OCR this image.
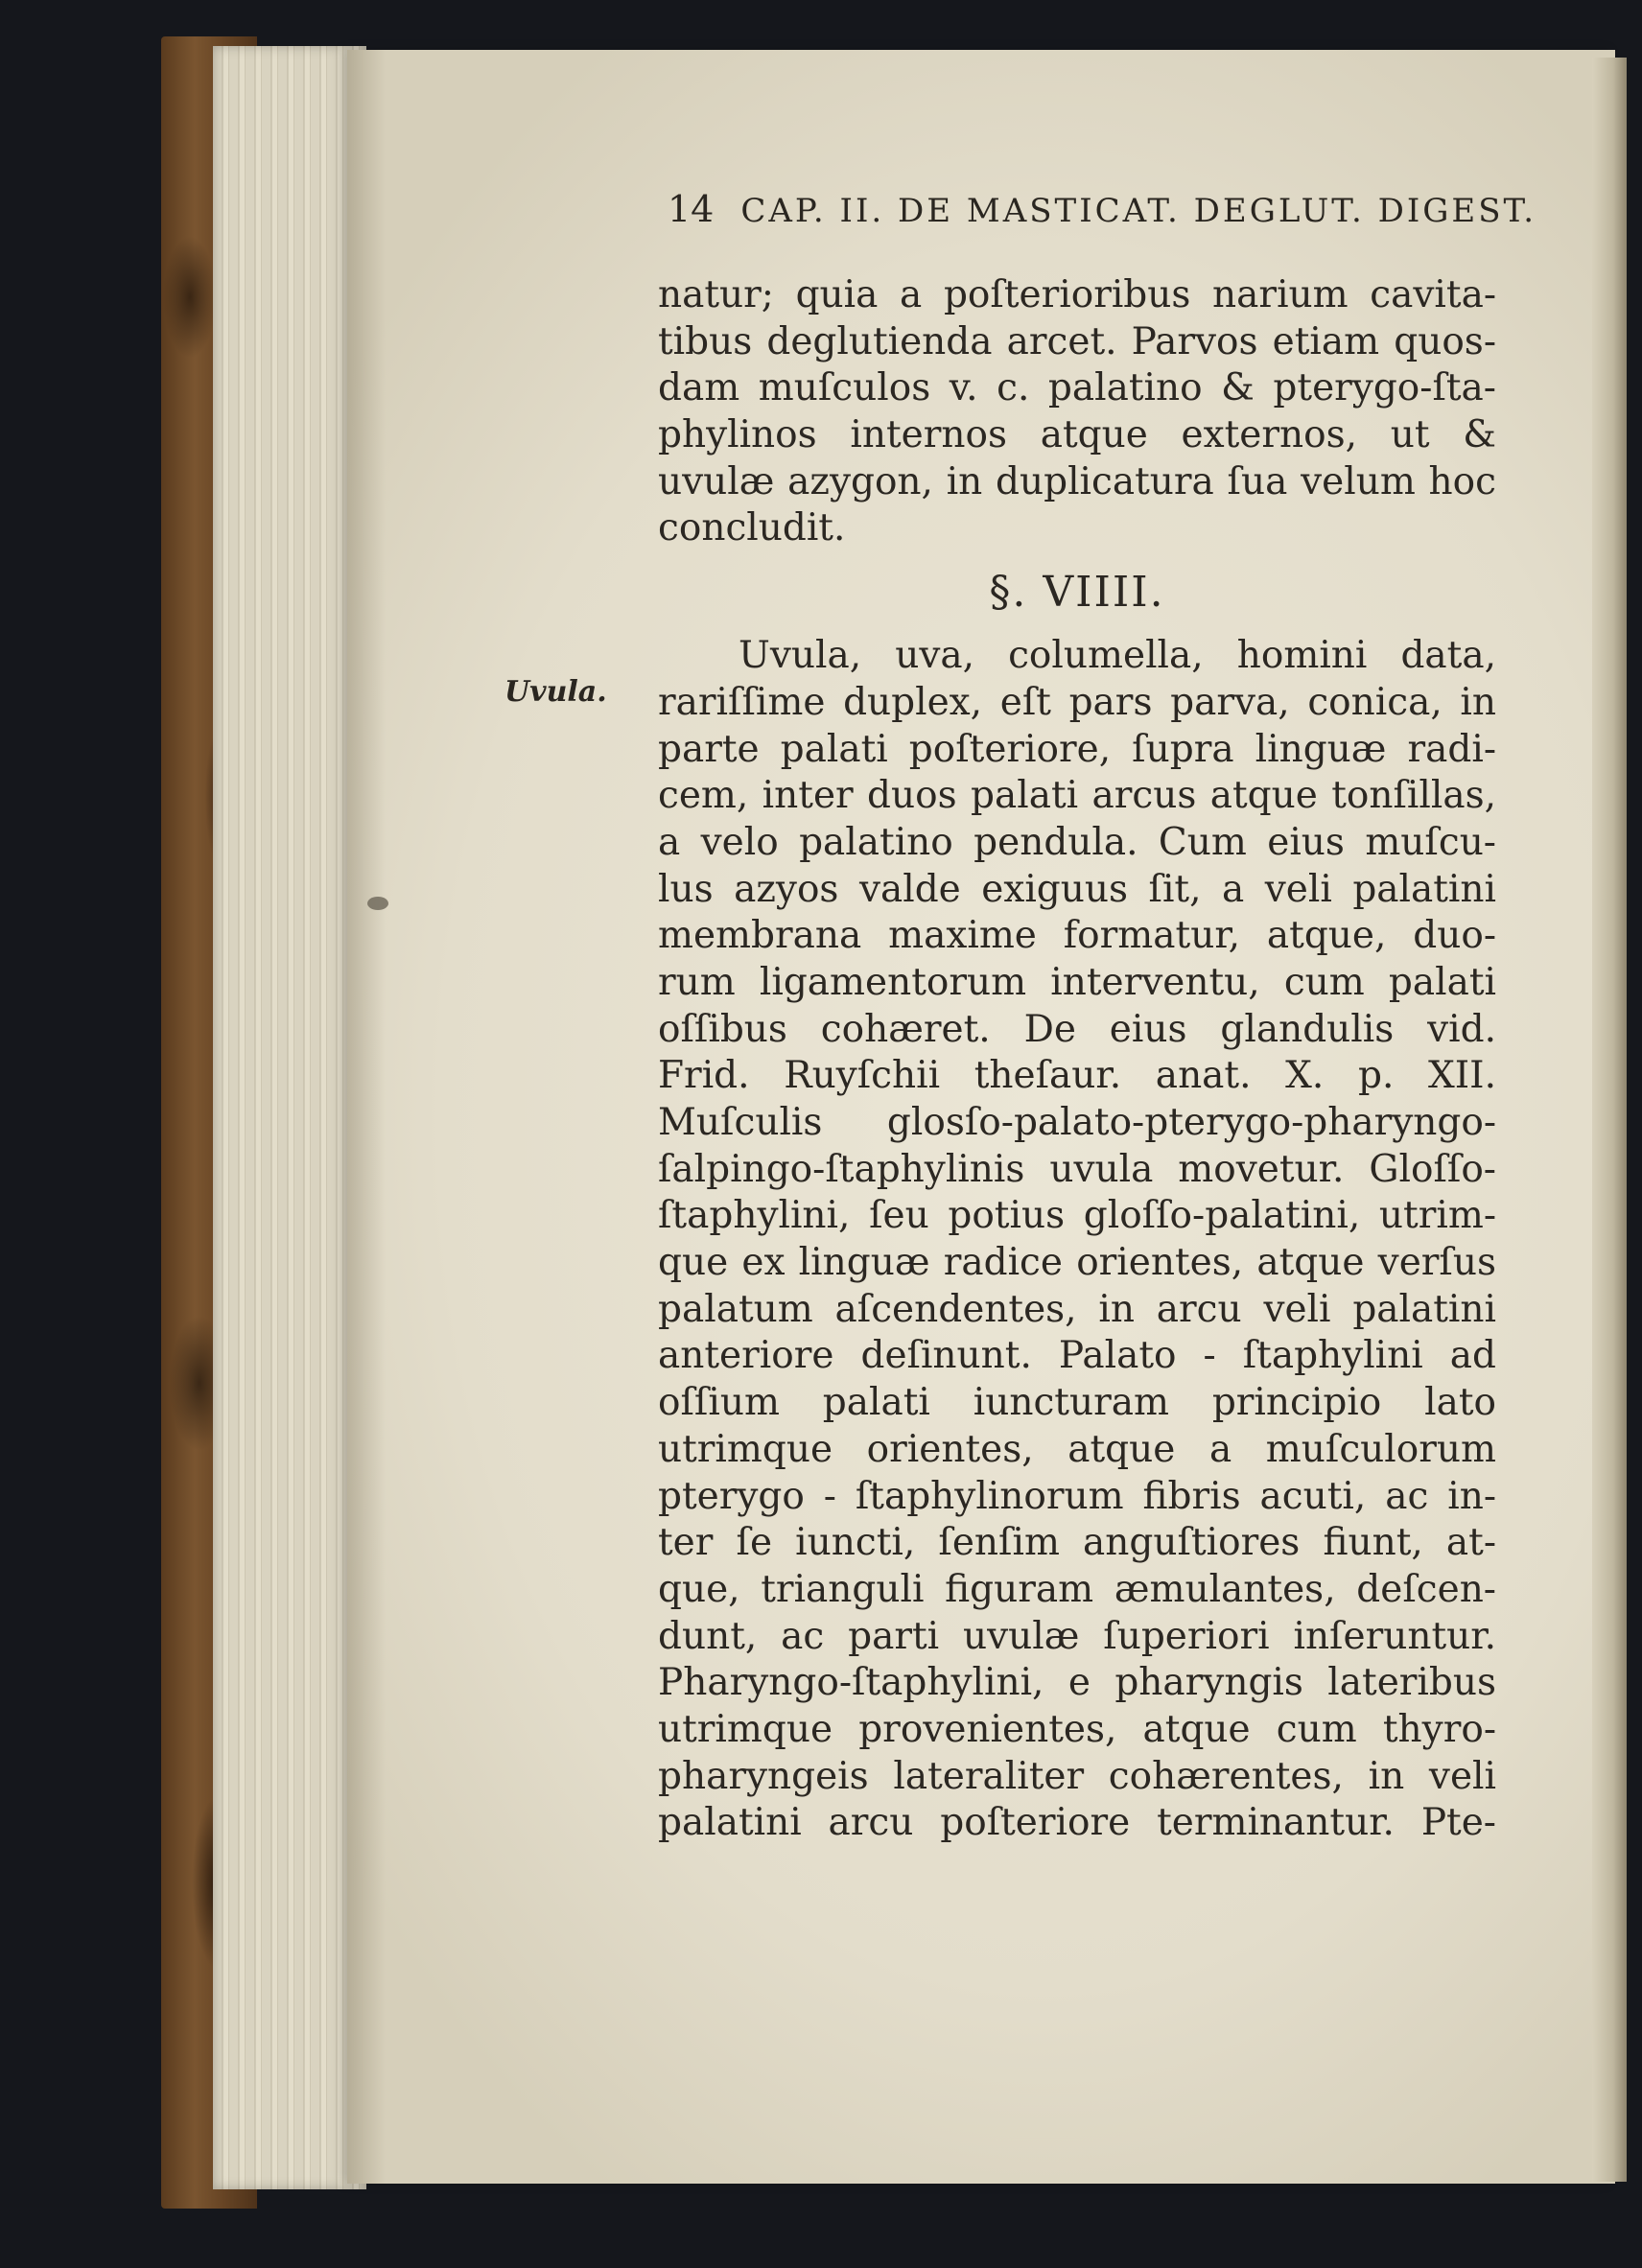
14 CAP. II. DE MASTICAT. DEGLUT. DIGEST.
Uvula.
natur; quia a poſterioribus narium cavita-
tibus deglutienda arcet. Parvos etiam quos-
dam muſculos v. c. palatino & pterygo-ſta-
phylinos internos atque externos, ut &
uvulæ azygon, in duplicatura ſua velum hoc
concludit.
§. VIIII.
Uvula, uva, columella, homini data,
rariſſime duplex, eſt pars parva, conica, in
parte palati poſteriore, ſupra linguæ radi-
cem, inter duos palati arcus atque tonſillas,
a velo palatino pendula. Cum eius muſcu-
lus azyos valde exiguus ſit, a veli palatini
membrana maxime formatur, atque, duo-
rum ligamentorum interventu, cum palati
oſſibus cohæret. De eius glandulis vid.
Frid. Ruyſchii theſaur. anat. X. p. XII.
Muſculis glosſo-palato-pterygo-pharyngo-
ſalpingo-ſtaphylinis uvula movetur. Gloſſo-
ſtaphylini, ſeu potius gloſſo-palatini, utrim-
que ex linguæ radice orientes, atque verſus
palatum aſcendentes, in arcu veli palatini
anteriore deſinunt. Palato - ſtaphylini ad
oſſium palati iuncturam principio lato
utrimque orientes, atque a muſculorum
pterygo - ſtaphylinorum fibris acuti, ac in-
ter ſe iuncti, ſenſim anguſtiores fiunt, at-
que, trianguli figuram æmulantes, deſcen-
dunt, ac parti uvulæ ſuperiori inſeruntur.
Pharyngo-ſtaphylini, e pharyngis lateribus
utrimque provenientes, atque cum thyro-
pharyngeis lateraliter cohærentes, in veli
palatini arcu poſteriore terminantur. Pte-
